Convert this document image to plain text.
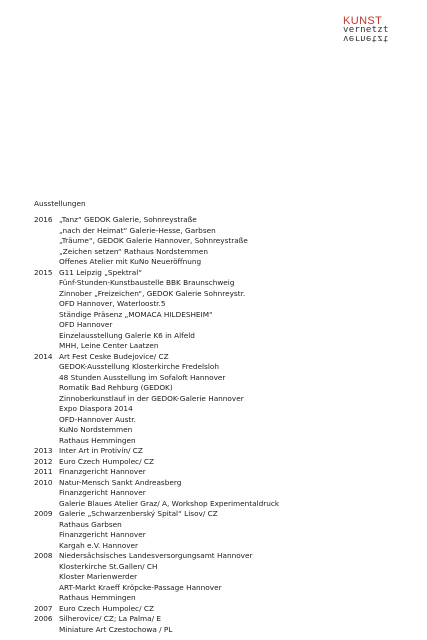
KUNST
vernetzt
vernetzt
Ausstellungen
2016 „Tanz“ GEDOK Galerie, Sohnreystraße
„nach der Heimat“ Galerie-Hesse, Garbsen
„Träume“, GEDOK Galerie Hannover, Sohnreystraße
„Zeichen setzen“ Rathaus Nordstemmen
Offenes Atelier mit KuNo Neueröffnung
2015 G11 Leipzig „Spektral“
Fünf-Stunden-Kunstbaustelle BBK Braunschweig
Zinnober „Freizeichen“, GEDOK Galerie Sohnreystr.
OFD Hannover, Waterloostr.5
Ständige Präsenz „MOMACA HILDESHEIM“
OFD Hannover
Einzelausstellung Galerie K6 in Alfeld
MHH, Leine Center Laatzen
2014 Art Fest Ceske Budejovice/ CZ
GEDOK-Ausstellung Klosterkirche Fredelsloh
48 Stunden Ausstellung im Sofaloft Hannover
Romatik Bad Rehburg (GEDOK)
Zinnoberkunstlauf in der GEDOK-Galerie Hannover
Expo Diaspora 2014
OFD-Hannover Austr.
KuNo Nordstemmen
Rathaus Hemmingen
2013 Inter Art in Protivín/ CZ
2012 Euro Czech Humpolec/ CZ
2011 Finanzgericht Hannover
2010 Natur-Mensch Sankt Andreasberg
Finanzgericht Hannover
Galerie Blaues Atelier Graz/ A, Workshop Experimentaldruck
2009 Galerie „Schwarzenberský Spital“ Lisov/ CZ
Rathaus Garbsen
Finanzgericht Hannover
Kargah e.V. Hannover
2008 Niedersächsisches Landesversorgungsamt Hannover
Klosterkirche St.Gallen/ CH
Kloster Marienwerder
ART-Markt Kraeff Kröpcke-Passage Hannover
Rathaus Hemmingen
2007 Euro Czech Humpolec/ CZ
2006 Silherovice/ CZ; La Palma/ E
Miniature Art Czestochowa / PL
